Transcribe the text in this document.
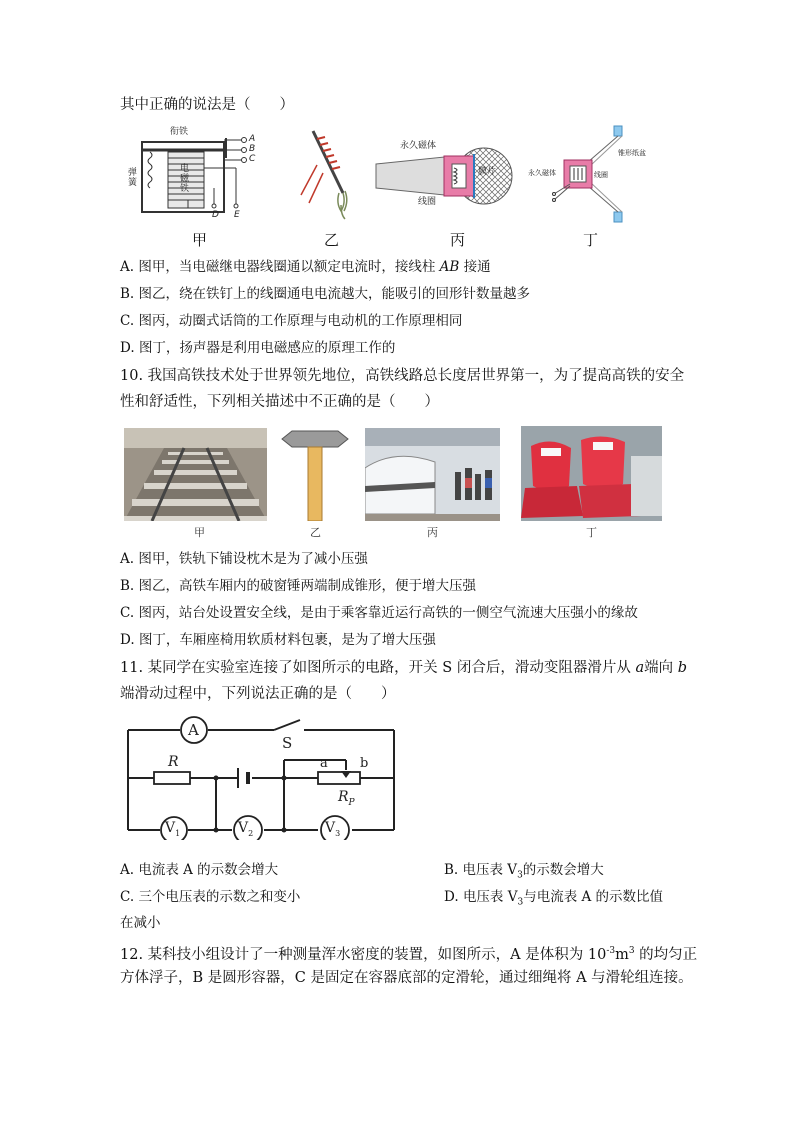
其中正确的说法是（　　）
衔铁
弹簧
电磁铁
A
B
C
D E
永久磁体
膜片
线圈
锥形纸盆
永久磁体	线圈
甲	乙	丙	丁
A. 图甲，当电磁继电器线圈通以额定电流时，接线柱 AB 接通
B. 图乙，绕在铁钉上的线圈通电电流越大，能吸引的回形针数量越多
C. 图丙，动圈式话筒的工作原理与电动机的工作原理相同
D. 图丁，扬声器是利用电磁感应的原理工作的
10. 我国高铁技术处于世界领先地位，高铁线路总长度居世界第一，为了提高高铁的安全
性和舒适性，下列相关描述中不正确的是（　　）
甲	乙	丙	丁
A. 图甲，铁轨下铺设枕木是为了减小压强
B. 图乙，高铁车厢内的破窗锤两端制成锥形，便于增大压强
C. 图丙，站台处设置安全线，是由于乘客靠近运行高铁的一侧空气流速大压强小的缘故
D. 图丁，车厢座椅用软质材料包裹，是为了增大压强
11. 某同学在实验室连接了如图所示的电路，开关 S 闭合后，滑动变阻器滑片从 a端向 b
端滑动过程中，下列说法正确的是（　　）
A
S
R	a b
$R_P$
$V_1$	$V_2$	$V_3$
A. 电流表 A 的示数会增大	B. 电压表 $V_3$的示数会增大
C. 三个电压表的示数之和变小	D. 电压表 $V_3$与电流表 A 的示数比值
在减小
12. 某科技小组设计了一种测量浑水密度的装置，如图所示，A 是体积为 $10^{-3}m^3$ 的均匀正
方体浮子，B 是圆形容器，C 是固定在容器底部的定滑轮，通过细绳将 A 与滑轮组连接。
